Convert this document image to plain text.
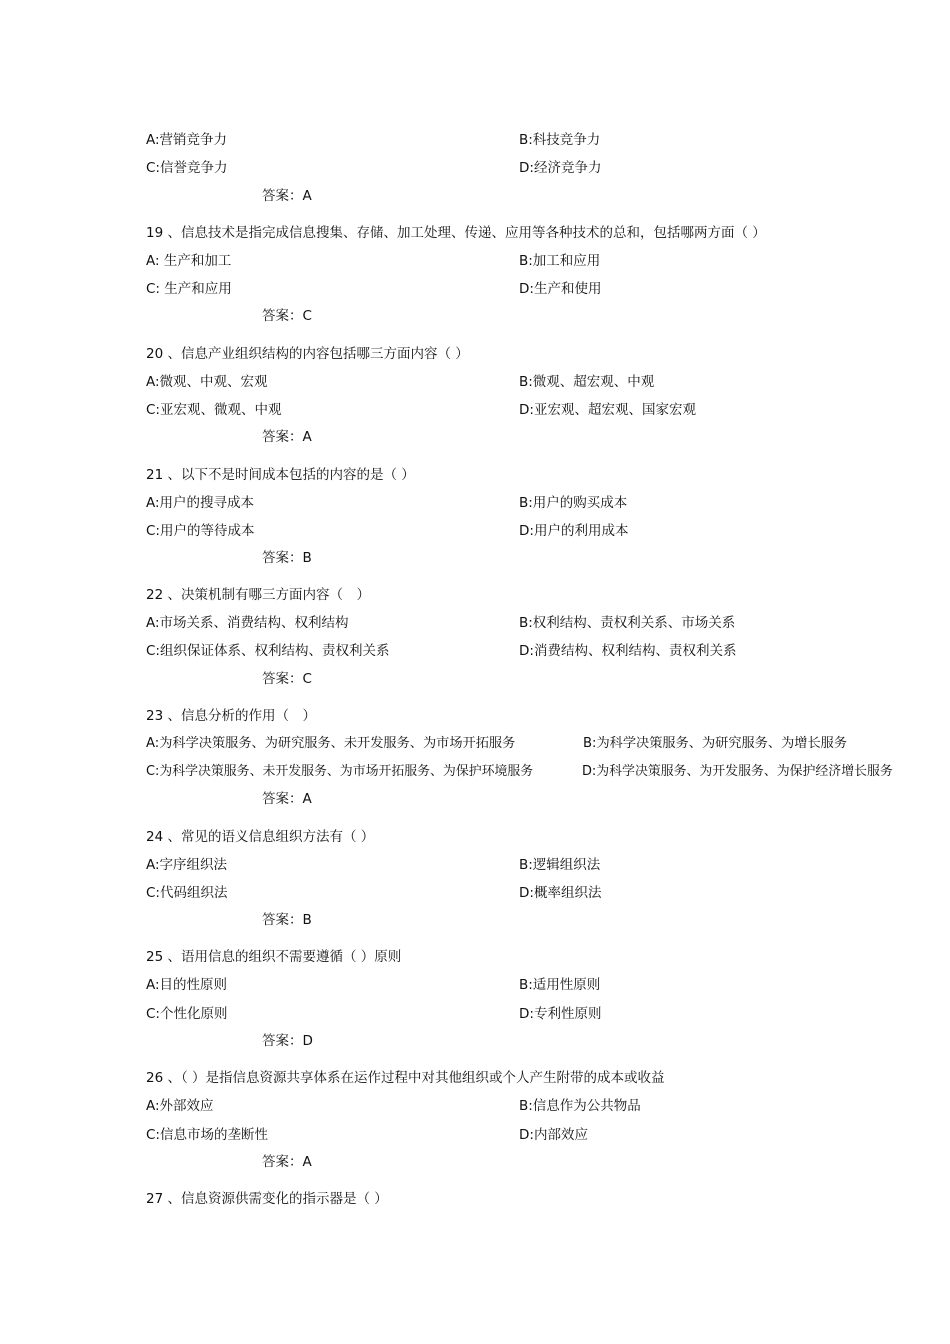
A:营销竞争力	B:科技竞争力
C:信誉竞争力	D:经济竞争力
答案：A
19 、信息技术是指完成信息搜集、存储、加工处理、传递、应用等各种技术的总和，包括哪两方面（ ）
A: 生产和加工	B:加工和应用
C: 生产和应用	D:生产和使用
答案：C
20 、信息产业组织结构的内容包括哪三方面内容（ ）
A:微观、中观、宏观	B:微观、超宏观、中观
C:亚宏观、微观、中观	D:亚宏观、超宏观、国家宏观
答案：A
21 、以下不是时间成本包括的内容的是（ ）
A:用户的搜寻成本	B:用户的购买成本
C:用户的等待成本	D:用户的利用成本
答案：B
22 、决策机制有哪三方面内容（　）
A:市场关系、消费结构、权利结构	B:权利结构、责权利关系、市场关系
C:组织保证体系、权利结构、责权利关系	D:消费结构、权利结构、责权利关系
答案：C
23 、信息分析的作用（　）
A:为科学决策服务、为研究服务、未开发服务、为市场开拓服务	B:为科学决策服务、为研究服务、为增长服务
C:为科学决策服务、未开发服务、为市场开拓服务、为保护环境服务	D:为科学决策服务、为开发服务、为保护经济增长服务
答案：A
24 、常见的语义信息组织方法有（ ）
A:字序组织法	B:逻辑组织法
C:代码组织法	D:概率组织法
答案：B
25 、语用信息的组织不需要遵循（ ）原则
A:目的性原则	B:适用性原则
C:个性化原则	D:专利性原则
答案：D
26 、（ ）是指信息资源共享体系在运作过程中对其他组织或个人产生附带的成本或收益
A:外部效应	B:信息作为公共物品
C:信息市场的垄断性	D:内部效应
答案：A
27 、信息资源供需变化的指示器是（ ）
